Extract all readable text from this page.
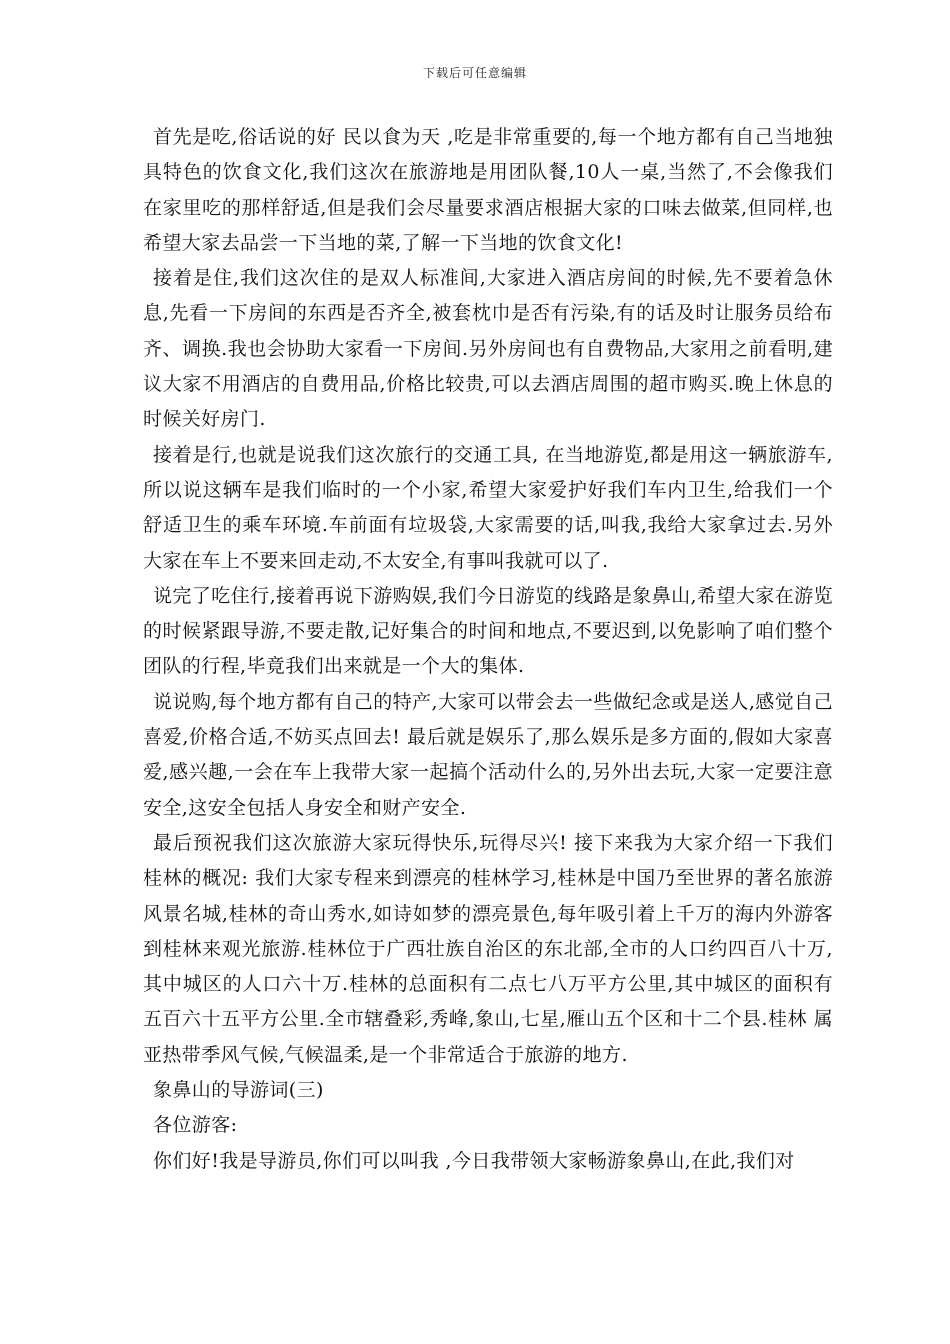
下载后可任意编辑

首先是吃,俗话说的好 民以食为天 ,吃是非常重要的,每一个地方都有自己当地独具特色的饮食文化,我们这次在旅游地是用团队餐,10人一桌,当然了,不会像我们在家里吃的那样舒适,但是我们会尽量要求酒店根据大家的口味去做菜,但同样,也希望大家去品尝一下当地的菜,了解一下当地的饮食文化!

接着是住,我们这次住的是双人标准间,大家进入酒店房间的时候,先不要着急休息,先看一下房间的东西是否齐全,被套枕巾是否有污染,有的话及时让服务员给布齐、调换.我也会协助大家看一下房间.另外房间也有自费物品,大家用之前看明,建议大家不用酒店的自费用品,价格比较贵,可以去酒店周围的超市购买.晚上休息的时候关好房门.

接着是行,也就是说我们这次旅行的交通工具, 在当地游览,都是用这一辆旅游车,所以说这辆车是我们临时的一个小家,希望大家爱护好我们车内卫生,给我们一个舒适卫生的乘车环境.车前面有垃圾袋,大家需要的话,叫我,我给大家拿过去.另外大家在车上不要来回走动,不太安全,有事叫我就可以了.

说完了吃住行,接着再说下游购娱,我们今日游览的线路是象鼻山,希望大家在游览的时候紧跟导游,不要走散,记好集合的时间和地点,不要迟到,以免影响了咱们整个团队的行程,毕竟我们出来就是一个大的集体.

说说购,每个地方都有自己的特产,大家可以带会去一些做纪念或是送人,感觉自己喜爱,价格合适,不妨买点回去! 最后就是娱乐了,那么娱乐是多方面的,假如大家喜爱,感兴趣,一会在车上我带大家一起搞个活动什么的,另外出去玩,大家一定要注意安全,这安全包括人身安全和财产安全.

最后预祝我们这次旅游大家玩得快乐,玩得尽兴! 接下来我为大家介绍一下我们桂林的概况: 我们大家专程来到漂亮的桂林学习,桂林是中国乃至世界的著名旅游风景名城,桂林的奇山秀水,如诗如梦的漂亮景色,每年吸引着上千万的海内外游客到桂林来观光旅游.桂林位于广西壮族自治区的东北部,全市的人口约四百八十万,其中城区的人口六十万.桂林的总面积有二点七八万平方公里,其中城区的面积有五百六十五平方公里.全市辖叠彩,秀峰,象山,七星,雁山五个区和十二个县.桂林 属亚热带季风气候,气候温柔,是一个非常适合于旅游的地方.

象鼻山的导游词(三)

各位游客:

你们好!我是导游员,你们可以叫我 ,今日我带领大家畅游象鼻山,在此,我们对
